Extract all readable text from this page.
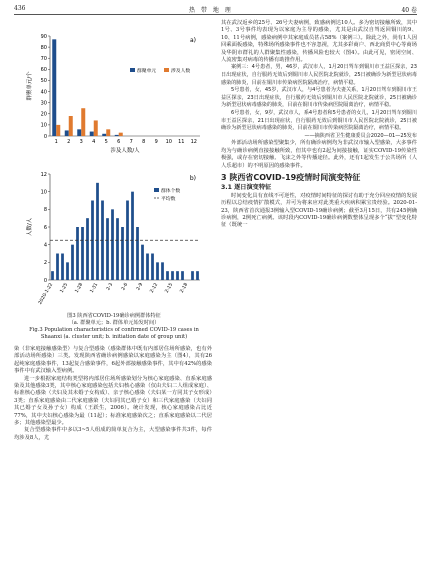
436	热 带 地 理	40 卷
0
10
20
30
40
50
60
70
80
90
1 2 3 4 5 6 7 8 9 10 11 12
涉及人数/人
群聚单元/个
a)
群聚单元	涉及人数
0
2
4
6
8
10
12
2020-1-22 1-25 1-28 1-31 2-3 2-6 2-9 2-12 2-15 2-18
人数/人
b)
群体个数
平均数
图3 陕西省COVID-19确诊病例群体特征
（a. 群聚单元；b. 群体单元始发时间）
Fig.3 Population characteristics of confirmed COVID-19 cases in
Shaanxi (a. cluster unit; b. initiation date of group unit)

染（非家庭接触感染型）与复合型感染（感染群体中既有内部居住场所感染，也有外部活动场所感染）三类。发现陕西省确诊病例感染以家庭感染为主（图4），其有26起纯家庭感染事件，13起复合感染事件，6起外部接触感染事件，其中有42%的感染事件中有武汉输入型病例。

进一步根据家庭结构类型将内部居住场所感染划分为核心家庭感染、直系家庭感染及其他感染3类，其中核心家庭感染包括夫妇核心感染（仅由夫妇二人组成家庭）、标准核心感染（夫妇及其未婚子女构成）、亲子核心感染（夫妇某一方同其子女形成）3类；直系家庭感染由二代家庭感染（夫妇同其已婚子女）和三代家庭感染（夫妇同其已婚子女及孙子女）构成（王跃生，2006）。统计发现，核心家庭感染占比近77%，其中夫妇核心感染为最（11起）；标准家庭感染次之；直系家庭感染以二代居多；其他感染型最少。

复合型感染事件中多以3~5人组成的简单复合为主，大型感染事件共3件，每件均涉及8人，尤

其在武汉返乡的25号、26号夫妻病例，致感病例达10人。多为密切接触所致，其中1号、3号事件均表现为以家庭为主导的感染，尤其是由武汉自驾返回铜川的9、10、11号病例，感染病例中其家庭成员甚占58%（案例三）。除此之外，尚有1人因回乘面板感染，特殊场所感染事件也不容忽视，尤其多彩商户、西北商贸中心等商场及华阴市群礼的人群聚集性感染，传播风险也较大（图4）。由此可见，密闭空间、人流密集对病毒的传播有助推作用。

案例三：4号患者，男，46岁，武汉市人，1月20日驾车到铜川市王益区探亲，23日出现症状，自行服药无效后到铜川市人民医院北院就诊，25日被确诊为新型冠状病毒感染的肺炎，目前在铜川市传染病医院隔离治疗，病情平稳。

5号患者，女，45岁，武汉市人，与4号患者为夫妻关系，1月20日驾车到铜川市王益区探亲，23日出现症状，自行服药无效后到铜川市人民医院北院就诊，25日被确诊为新型冠状病毒感染的肺炎，目前在铜川市传染病医院隔离治疗，病情平稳。

6号患者，女，9岁，武汉市人，系4号患者和5号患者的女儿，1月20日驾车到铜川市王益区探亲，21日出现症状，自行服药无效后到铜川市人民医院北院就诊，25日被确诊为新型冠状病毒感染的肺炎，目前在铜川市传染病医院隔离治疗，病情平稳。

——摘陕西省卫生健康委员会2020—01—25发布

外部活动场所感染型聚集少，所有确诊病例均为非武汉市输入型感染，大多事件均为与确诊病例直接接触所致，但其中也有2起为间接接触，证实COVID-19传染性极强，或存在密切接触、飞沫之外等传播途径。此外，还有1起发生于公共场所（人人乐超市）的不明原因的感染事件。

3 陕西省COVID-19疫情时间演变特征
3.1 逐日演变特征

时间变化具有直线不可逆性，对疫情时间特征的探讨有助于充分回应疫情的发展历程以总结疫情扩散模式，并可为将来应对此类重大疾病积累宝贵经验。2020-01-23，陕西省首次通报3例输入型COVID-19确诊病例；截至3月15日，共有245例确诊病例，2例死亡病例。该时段内COVID-19确诊病例数整体呈现多个“拔”型变化特征（既统一
